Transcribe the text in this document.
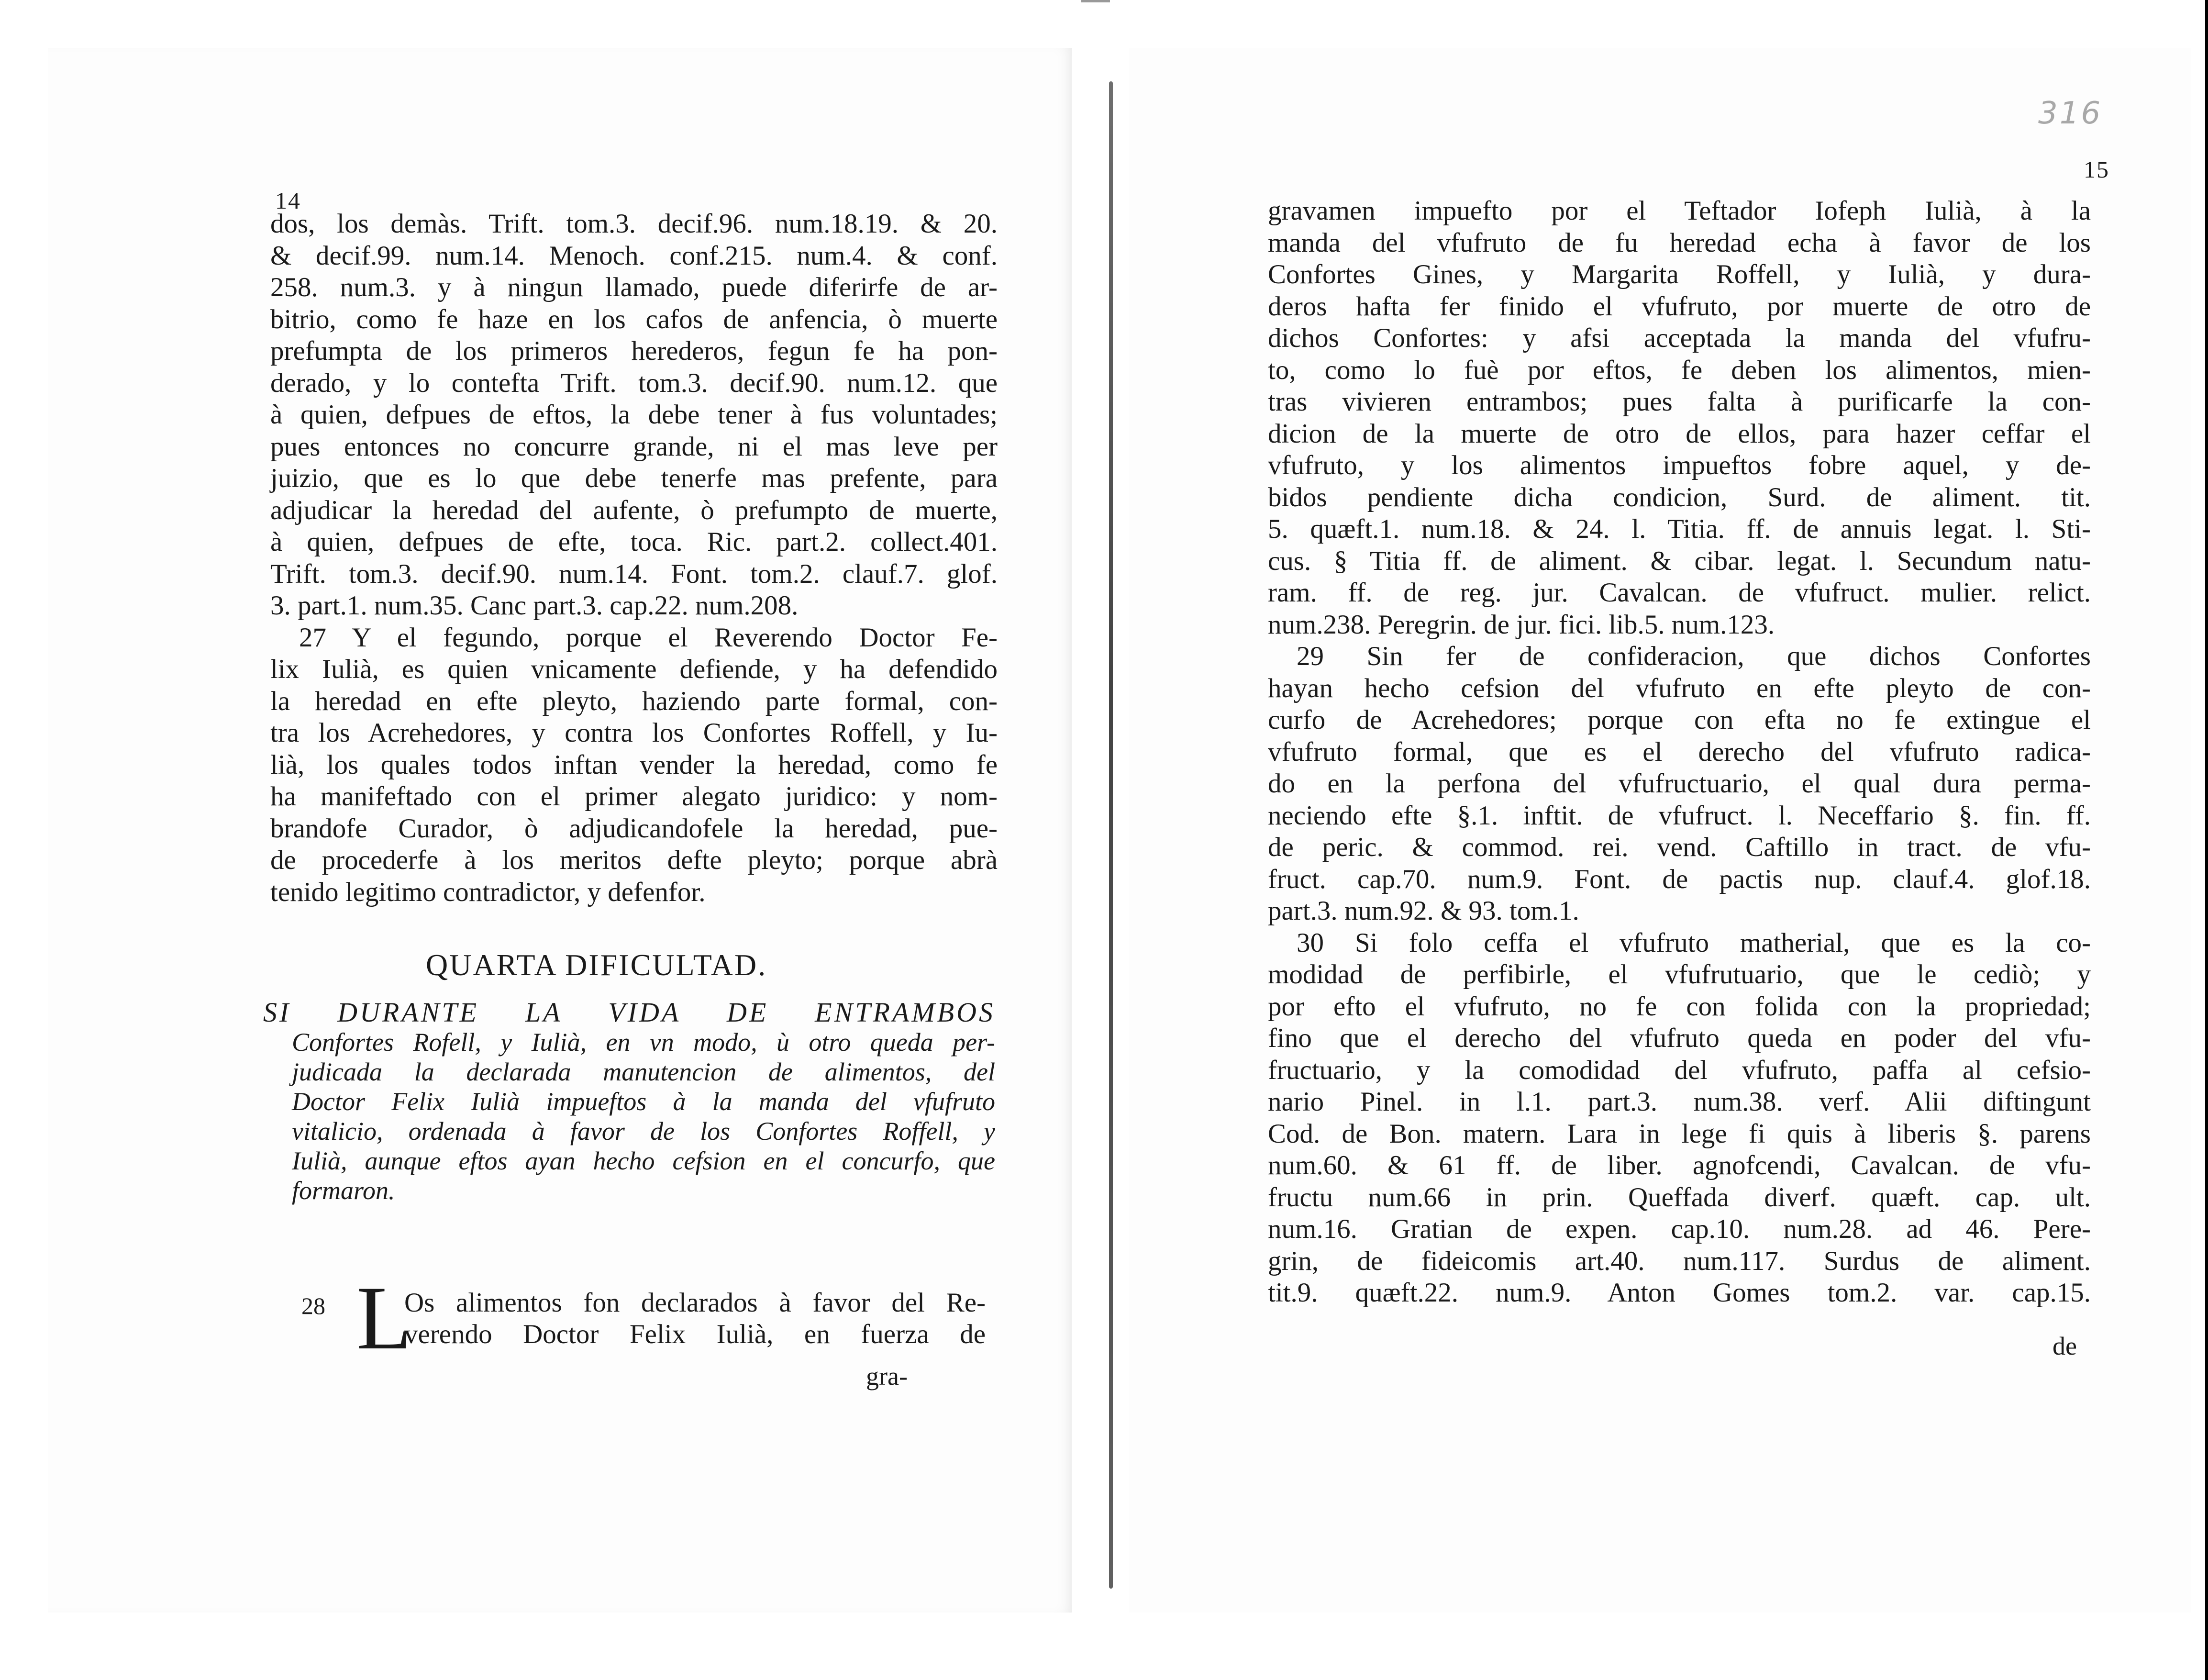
14

dos, los demàs. Trift. tom.3. decif.96. num.18.19. & 20.

& decif.99. num.14. Menoch. conf.215. num.4. & conf.

258. num.3. y à ningun llamado, puede diferirfe de ar-

bitrio, como fe haze en los cafos de anfencia, ò muerte

prefumpta de los primeros herederos, fegun fe ha pon-

derado, y lo contefta Trift. tom.3. decif.90. num.12. que

à quien, defpues de eftos, la debe tener à fus voluntades;

pues entonces no concurre grande, ni el mas leve per

juizio, que es lo que debe tenerfe mas prefente, para

adjudicar la heredad del aufente, ò prefumpto de muerte,

à quien, defpues de efte, toca. Ric. part.2. collect.401.

Trift. tom.3. decif.90. num.14. Font. tom.2. clauf.7. glof.

3. part.1. num.35. Canc part.3. cap.22. num.208.

27 Y el fegundo, porque el Reverendo Doctor Fe-

lix Iulià, es quien vnicamente defiende, y ha defendido

la heredad en efte pleyto, haziendo parte formal, con-

tra los Acrehedores, y contra los Confortes Roffell, y Iu-

lià, los quales todos inftan vender la heredad, como fe

ha manifeftado con el primer alegato juridico: y nom-

brandofe Curador, ò adjudicandofele la heredad, pue-

de procederfe à los meritos defte pleyto; porque abrà

tenido legitimo contradictor, y defenfor.

QUARTA DIFICULTAD.

SI DURANTE LA VIDA DE ENTRAMBOS

Confortes Rofell, y Iulià, en vn modo, ù otro queda per-

judicada la declarada manutencion de alimentos, del

Doctor Felix Iulià impueftos à la manda del vfufruto

vitalicio, ordenada à favor de los Confortes Roffell, y

Iulià, aunque eftos ayan hecho cefsion en el concurfo, que

formaron.

28 L

Os alimentos fon declarados à favor del Re-

verendo Doctor Felix Iulià, en fuerza de

gra-
316
15

gravamen impuefto por el Teftador Iofeph Iulià, à la

manda del vfufruto de fu heredad echa à favor de los

Confortes Gines, y Margarita Roffell, y Iulià, y dura-

deros hafta fer finido el vfufruto, por muerte de otro de

dichos Confortes: y afsi acceptada la manda del vfufru-

to, como lo fuè por eftos, fe deben los alimentos, mien-

tras vivieren entrambos; pues falta à purificarfe la con-

dicion de la muerte de otro de ellos, para hazer ceffar el

vfufruto, y los alimentos impueftos fobre aquel, y de-

bidos pendiente dicha condicion, Surd. de aliment. tit.

5. quæft.1. num.18. & 24. l. Titia. ff. de annuis legat. l. Sti-

cus. § Titia ff. de aliment. & cibar. legat. l. Secundum natu-

ram. ff. de reg. jur. Cavalcan. de vfufruct. mulier. relict.

num.238. Peregrin. de jur. fici. lib.5. num.123.

29 Sin fer de confideracion, que dichos Confortes

hayan hecho cefsion del vfufruto en efte pleyto de con-

curfo de Acrehedores; porque con efta no fe extingue el

vfufruto formal, que es el derecho del vfufruto radica-

do en la perfona del vfufructuario, el qual dura perma-

neciendo efte §.1. inftit. de vfufruct. l. Neceffario §. fin. ff.

de peric. & commod. rei. vend. Caftillo in tract. de vfu-

fruct. cap.70. num.9. Font. de pactis nup. clauf.4. glof.18.

part.3. num.92. & 93. tom.1.

30 Si folo ceffa el vfufruto matherial, que es la co-

modidad de perfibirle, el vfufrutuario, que le cediò; y

por efto el vfufruto, no fe con folida con la propriedad;

fino que el derecho del vfufruto queda en poder del vfu-

fructuario, y la comodidad del vfufruto, paffa al cefsio-

nario Pinel. in l.1. part.3. num.38. verf. Alii diftingunt

Cod. de Bon. matern. Lara in lege fi quis à liberis §. parens

num.60. & 61 ff. de liber. agnofcendi, Cavalcan. de vfu-

fructu num.66 in prin. Queffada diverf. quæft. cap. ult.

num.16. Gratian de expen. cap.10. num.28. ad 46. Pere-

grin, de fideicomis art.40. num.117. Surdus de aliment.

tit.9. quæft.22. num.9. Anton Gomes tom.2. var. cap.15.

de
